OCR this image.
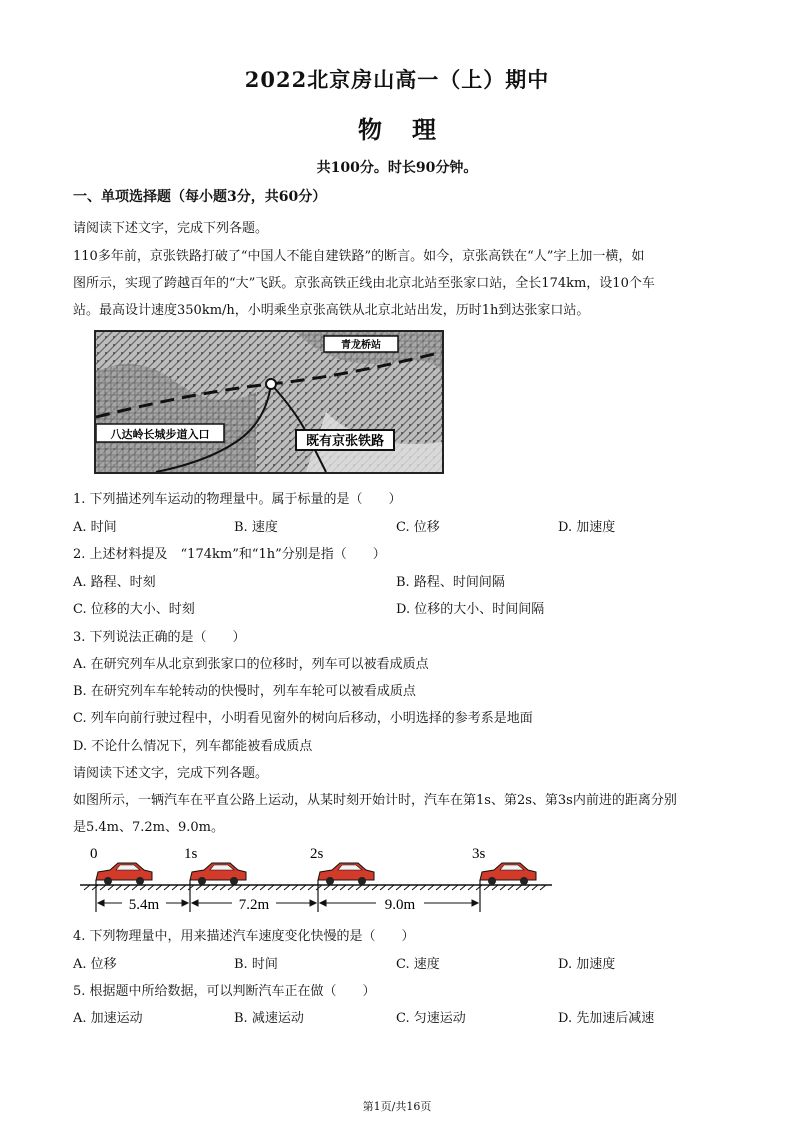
2022北京房山高一（上）期中
物理
共100分。时长90分钟。
一、单项选择题（每小题3分，共60分）
请阅读下述文字，完成下列各题。
110多年前，京张铁路打破了“中国人不能自建铁路”的断言。如今，京张高铁在“人”字上加一横，如
图所示，实现了跨越百年的“大”飞跃。京张高铁正线由北京北站至张家口站，全长174km，设10个车
站。最高设计速度350km/h，小明乘坐京张高铁从北京北站出发，历时1h到达张家口站。
青龙桥站
八达岭长城步道入口	既有京张铁路
1. 下列描述列车运动的物理量中。属于标量的是（　　）
A. 时间	B. 速度	C. 位移	D. 加速度
2. 上述材料提及　“174km”和“1h”分别是指（　　）
A. 路程、时刻	B. 路程、时间间隔
C. 位移的大小、时刻	D. 位移的大小、时间间隔
3. 下列说法正确的是（　　）
A. 在研究列车从北京到张家口的位移时，列车可以被看成质点
B. 在研究列车车轮转动的快慢时，列车车轮可以被看成质点
C. 列车向前行驶过程中，小明看见窗外的树向后移动，小明选择的参考系是地面
D. 不论什么情况下，列车都能被看成质点
请阅读下述文字，完成下列各题。
如图所示，一辆汽车在平直公路上运动，从某时刻开始计时，汽车在第1s、第2s、第3s内前进的距离分别
是5.4m、7.2m、9.0m。
0	1s	2s	3s
5.4m	7.2m	9.0m
4. 下列物理量中，用来描述汽车速度变化快慢的是（　　）
A. 位移	B. 时间	C. 速度	D. 加速度
5. 根据题中所给数据，可以判断汽车正在做（　　）
A. 加速运动	B. 减速运动	C. 匀速运动	D. 先加速后减速
第1页/共16页
